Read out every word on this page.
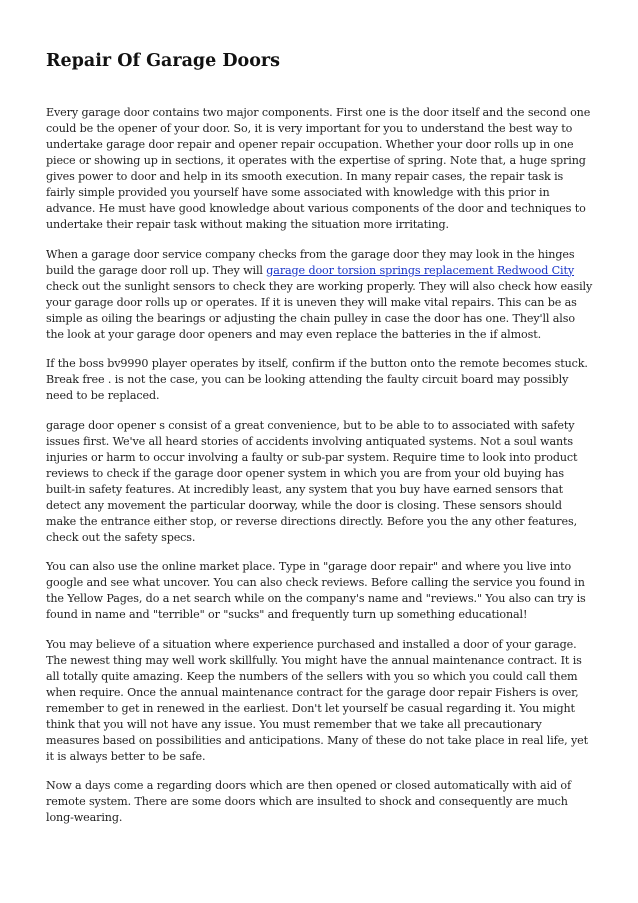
Repair Of Garage Doors

Every garage door contains two major components. First one is the door itself and the second one could be the opener of your door. So, it is very important for you to understand the best way to undertake garage door repair and opener repair occupation. Whether your door rolls up in one piece or showing up in sections, it operates with the expertise of spring. Note that, a huge spring gives power to door and help in its smooth execution. In many repair cases, the repair task is fairly simple provided you yourself have some associated with knowledge with this prior in advance. He must have good knowledge about various components of the door and techniques to undertake their repair task without making the situation more irritating.

When a garage door service company checks from the garage door they may look in the hinges build the garage door roll up. They will garage door torsion springs replacement Redwood City check out the sunlight sensors to check they are working properly. They will also check how easily your garage door rolls up or operates. If it is uneven they will make vital repairs. This can be as simple as oiling the bearings or adjusting the chain pulley in case the door has one. They'll also the look at your garage door openers and may even replace the batteries in the if almost.

If the boss bv9990 player operates by itself, confirm if the button onto the remote becomes stuck. Break free . is not the case, you can be looking attending the faulty circuit board may possibly need to be replaced.

garage door opener s consist of a great convenience, but to be able to to associated with safety issues first. We've all heard stories of accidents involving antiquated systems. Not a soul wants injuries or harm to occur involving a faulty or sub-par system. Require time to look into product reviews to check if the garage door opener system in which you are from your old buying has built-in safety features. At incredibly least, any system that you buy have earned sensors that detect any movement the particular doorway, while the door is closing. These sensors should make the entrance either stop, or reverse directions directly. Before you the any other features, check out the safety specs.

You can also use the online market place. Type in "garage door repair" and where you live into google and see what uncover. You can also check reviews. Before calling the service you found in the Yellow Pages, do a net search while on the company's name and "reviews." You also can try is found in name and "terrible" or "sucks" and frequently turn up something educational!

You may believe of a situation where experience purchased and installed a door of your garage. The newest thing may well work skillfully. You might have the annual maintenance contract. It is all totally quite amazing. Keep the numbers of the sellers with you so which you could call them when require. Once the annual maintenance contract for the garage door repair Fishers is over, remember to get in renewed in the earliest. Don't let yourself be casual regarding it. You might think that you will not have any issue. You must remember that we take all precautionary measures based on possibilities and anticipations. Many of these do not take place in real life, yet it is always better to be safe.

Now a days come a regarding doors which are then opened or closed automatically with aid of remote system. There are some doors which are insulted to shock and consequently are much long-wearing.
